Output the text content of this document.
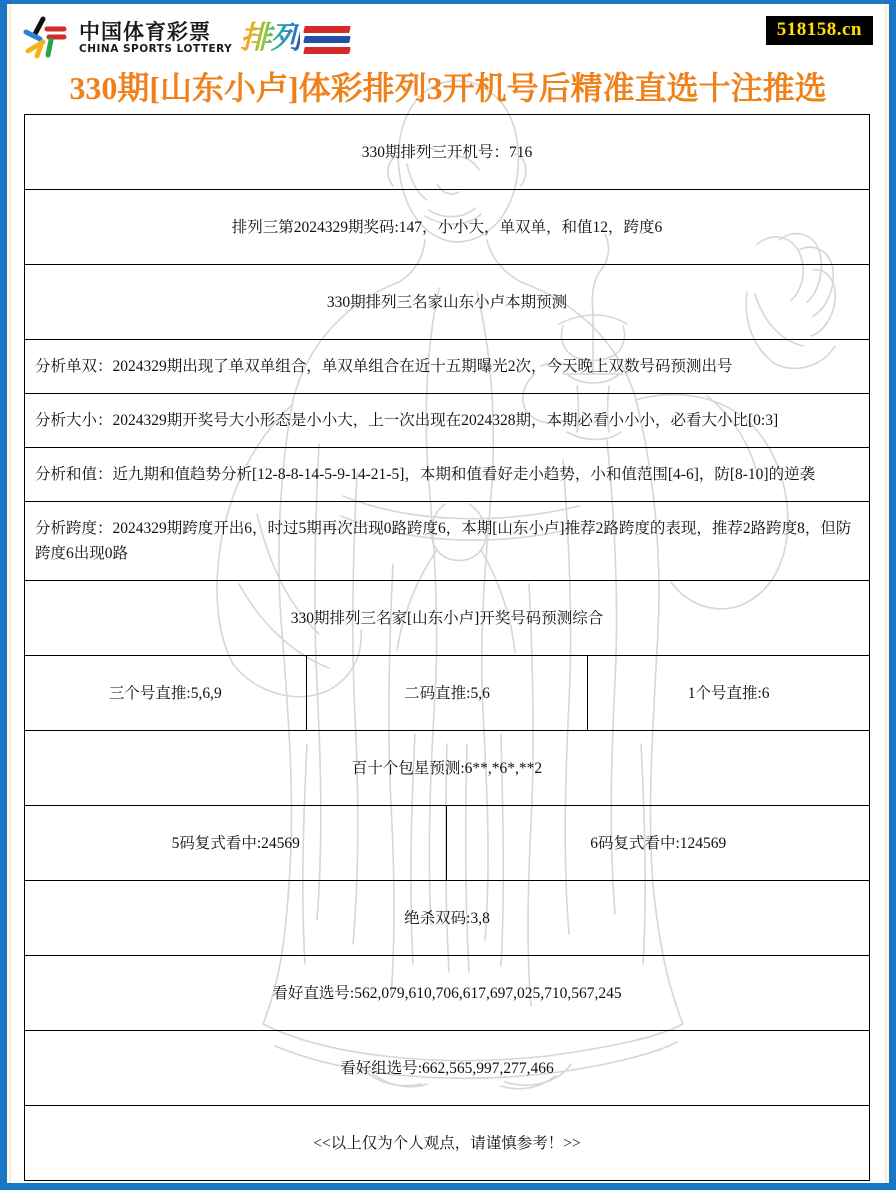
中国体育彩票
CHINA SPORTS LOTTERY 排列	518158.cn
330期[山东小卢]体彩排列3开机号后精准直选十注推选
330期排列三开机号：716			
排列三第2024329期奖码:147，小小大，单双单，和值12，跨度6			
330期排列三名家山东小卢本期预测			
分析单双：2024329期出现了单双单组合，单双单组合在近十五期曝光2次，今天晚上双数号码预测出号			
分析大小：2024329期开奖号大小形态是小小大，上一次出现在2024328期，本期必看小小小，必看大小比[0:3]			
分析和值：近九期和值趋势分析[12-8-8-14-5-9-14-21-5]，本期和值看好走小趋势，小和值范围[4-6]，防[8-10]的逆袭			
分析跨度：2024329期跨度开出6，时过5期再次出现0路跨度6，本期[山东小卢]推荐2路跨度的表现，推荐2路跨度8，但防跨度6出现0路			
330期排列三名家[山东小卢]开奖号码预测综合			
三个号直推:5,6,9	二码直推:5,6		1个号直推:6
百十个包星预测:6**,*6*,**2			
5码复式看中:24569		6码复式看中:124569	
绝杀双码:3,8			
看好直选号:562,079,610,706,617,697,025,710,567,245			
看好组选号:662,565,997,277,466			
<<以上仅为个人观点，请谨慎参考！>>			
